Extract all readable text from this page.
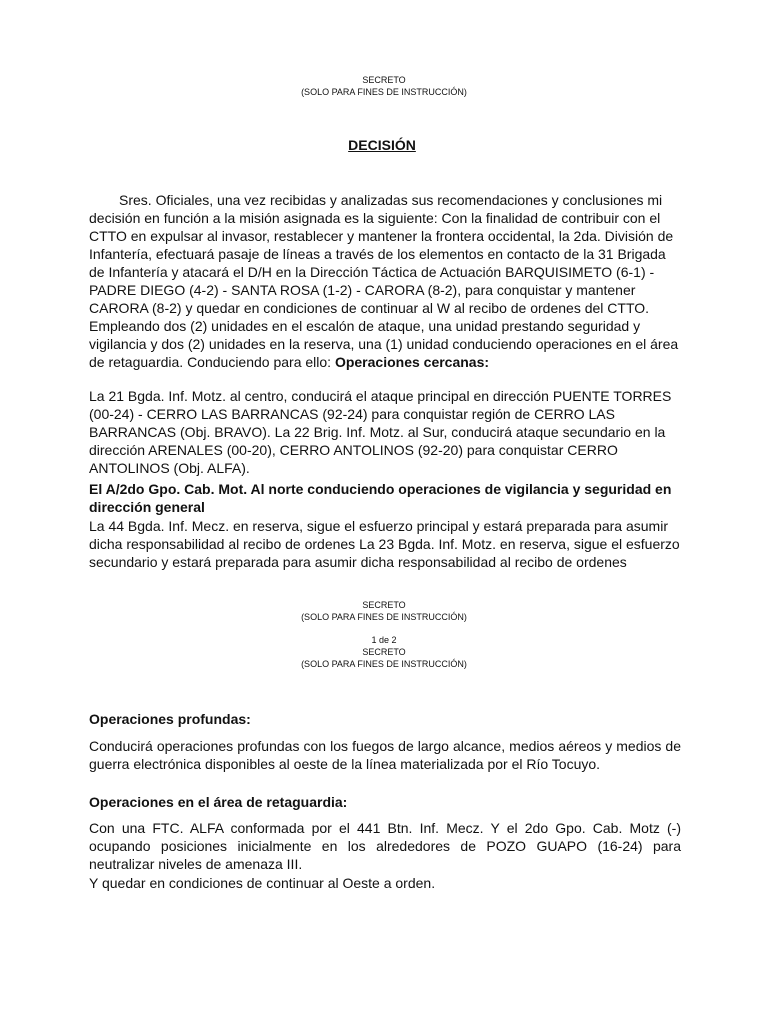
SECRETO
(SOLO PARA FINES DE INSTRUCCIÓN)
DECISIÓN

Sres. Oficiales, una vez recibidas y analizadas sus recomendaciones y conclusiones mi decisión en función a la misión asignada es la siguiente: Con la finalidad de contribuir con el CTTO en expulsar al invasor, restablecer y mantener la frontera occidental, la 2da. División de Infantería, efectuará pasaje de líneas a través de los elementos en contacto de la 31 Brigada de Infantería y atacará el D/H en la Dirección Táctica de Actuación BARQUISIMETO (6-1) - PADRE DIEGO (4-2) - SANTA ROSA (1-2) - CARORA (8-2), para conquistar y mantener CARORA (8-2) y quedar en condiciones de continuar al W al recibo de ordenes del CTTO. Empleando dos (2) unidades en el escalón de ataque, una unidad prestando seguridad y vigilancia y dos (2) unidades en la reserva, una (1) unidad conduciendo operaciones en el área de retaguardia. Conduciendo para ello: Operaciones cercanas:

La 21 Bgda. Inf. Motz. al centro, conducirá el ataque principal en dirección PUENTE TORRES (00-24) - CERRO LAS BARRANCAS (92-24) para conquistar región de CERRO LAS BARRANCAS (Obj. BRAVO). La 22 Brig. Inf. Motz. al Sur, conducirá ataque secundario en la dirección ARENALES (00-20), CERRO ANTOLINOS (92-20) para conquistar CERRO ANTOLINOS (Obj. ALFA).

El A/2do Gpo. Cab. Mot. Al norte conduciendo operaciones de vigilancia y seguridad en dirección general

La 44 Bgda. Inf. Mecz. en reserva, sigue el esfuerzo principal y estará preparada para asumir dicha responsabilidad al recibo de ordenes La 23 Bgda. Inf. Motz. en reserva, sigue el esfuerzo secundario y estará preparada para asumir dicha responsabilidad al recibo de ordenes

SECRETO
(SOLO PARA FINES DE INSTRUCCIÓN)
1 de 2
SECRETO
(SOLO PARA FINES DE INSTRUCCIÓN)

Operaciones profundas:

Conducirá operaciones profundas con los fuegos de largo alcance, medios aéreos y medios de guerra electrónica disponibles al oeste de la línea materializada por el Río Tocuyo.

Operaciones en el área de retaguardia:

Con una FTC. ALFA conformada por el 441 Btn. Inf. Mecz. Y el 2do Gpo. Cab. Motz (-) ocupando posiciones inicialmente en los alrededores de POZO GUAPO (16-24) para neutralizar niveles de amenaza III.

Y quedar en condiciones de continuar al Oeste a orden.
